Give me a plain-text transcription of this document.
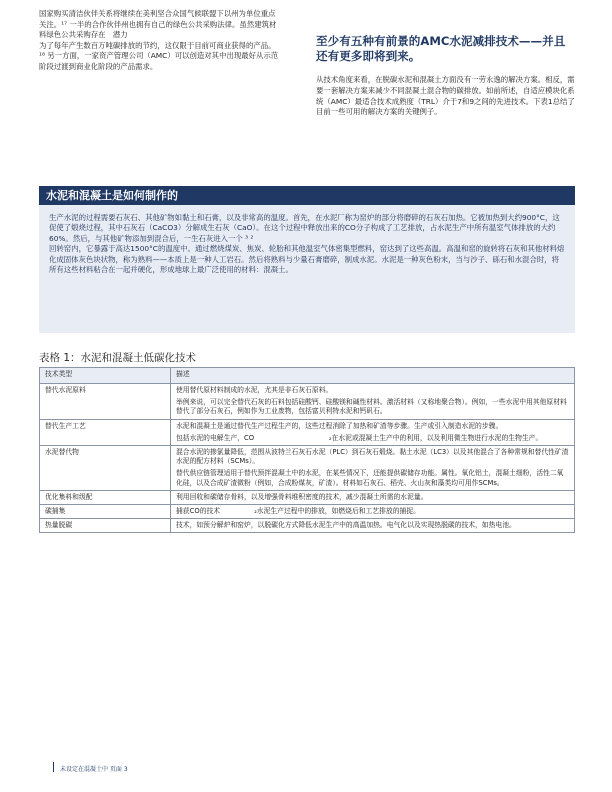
国家购买清洁伙伴关系将继续在美利坚合众国气候联盟下以州为单位重点关注。¹⁷ 一半的合作伙伴州也拥有自己的绿色公共采购法律。虽然建筑材料绿色公共采购存在　潜力

为了每年产生数百万吨碳排放的节约，这仅限于目前可商业获得的产品。¹⁸ 另一方面，一家资产管理公司（AMC）可以创造对其中出现最好从示范阶段过渡到商业化阶段的产品需求。

至少有五种有前景的AMC水泥减排技术——并且还有更多即将到来。
从技术角度来看，在脱碳水泥和混凝土方面没有一劳永逸的解决方案。相反，需要一套解决方案来减少不同混凝土混合物的碳排放。如前所述，自适应模块化系统（AMC）最适合技术成熟度（TRL）介于7和9之间的先进技术。下表1总结了目前一些可用的解决方案的关键例子。
水泥和混凝土是如何制作的

生产水泥的过程需要石灰石、其他矿物如黏土和石膏，以及非常高的温度。首先，在水泥厂称为窑炉的部分将磨碎的石灰石加热。它被加热到大约900°C，这促使了煅烧过程，其中石灰石（CaCO3）分解成生石灰（CaO）。在这个过程中释放出来的CO分子构成了工艺排放，占水泥生产中所有温室气体排放的大约60%。然后，与其他矿物添加到混合后，一生石灰进入一个 ³ ²

回转窑内，它暴露于高达1500°C的温度中。通过燃烧煤炭、焦炭、轮胎和其他温室气体密集型燃料，窑达到了这些高温。高温和窑的旋转将石灰和其他材料熔化成固体灰色块状物，称为熟料——本质上是一种人工岩石。然后将熟料与少量石膏磨碎，制成水泥。水泥是一种灰色粉末，当与沙子、砾石和水混合时，将所有这些材料粘合在一起并硬化，形成地球上最广泛使用的材料：混凝土。

表格 1：水泥和混凝土低碳化技术
技术类型	描述
替代水泥原料	使用替代原材料制成的水泥，尤其是非石灰石原料。

举例来说，可以完全替代石灰的石料包括硅酸钙、硅酸镁和碱性材料。激活材料（又称地聚合物）。例如，一些水泥中用其他原材料替代了部分石灰石，例如作为工业废物，包括富贝利特水泥和钙矾石。

替代生产工艺	水泥和混凝土是通过替代生产过程生产的，这些过程消除了加热和矿渣等步骤。生产或引入制造水泥的步骤。

包括水泥的电解生产，CO　　　　　　　　　　　₂在水泥或混凝土生产中的利用，以及利用微生物进行水泥的生物生产。

水泥替代物	混合水泥的掺氯量降低，范围从波特兰石灰石水泥（PLC）到石灰石煅烧。黏土水泥（LC3）以及其他混合了各种常规和替代性矿渣水泥的配方材料（SCMs）。

替代供应链管理适用于替代预拌混凝土中的水泥，在某些情况下，还能提供碳储存功能。属性。氧化铝土，混凝土细粉，活性二氧化硅，以及合成矿渣微粉（例如，合成粉煤灰，矿渣）。材料如石灰石、稻壳、火山灰和藻类均可用作SCMs。

优化集料和级配	利用回收和碳储存骨料，以及增强骨料堆积密度的技术，减少混凝土所需的水泥量。

碳捕集	捕获CO的技术　　　　　₂水泥生产过程中的排放，如燃烧后和工艺排放的捕捉。

热量脱碳	技术，如预分解炉和窑炉，以脱碳化方式降低水泥生产中的高温加热。电气化以及实现热脱碳的技术，如热电池。

未设定在混凝土中 页面 3
